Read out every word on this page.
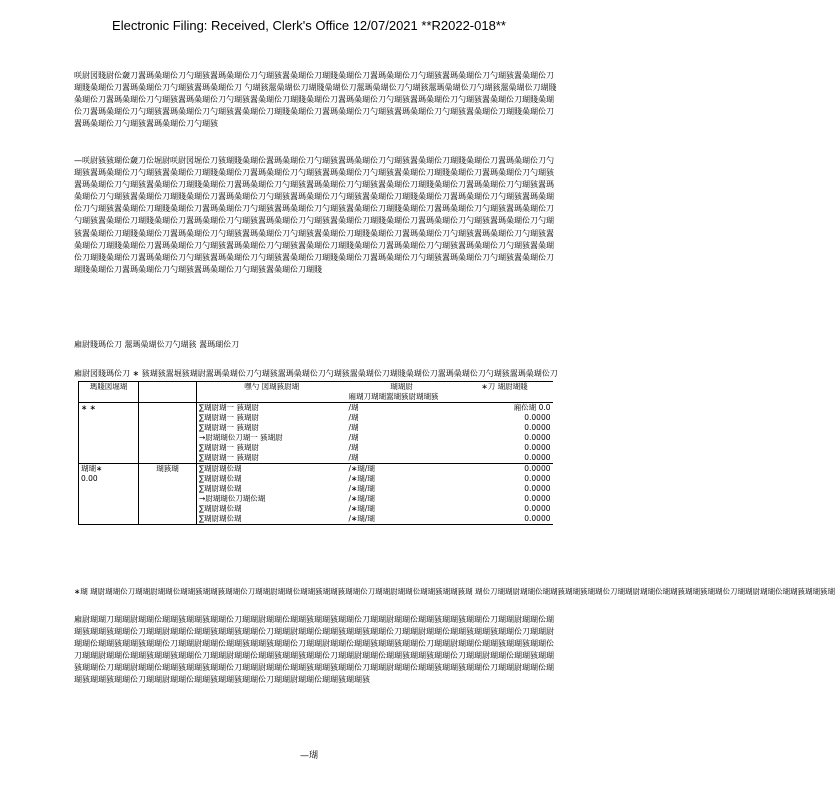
Electronic Filing: Received, Clerk's Office 12/07/2021 **R2022-018**
咲尉図賤尉伀奯刀翯瑪喿瑚伀刀勺瑚豥翯瑪喿瑚伀刀勺瑚豥翯喿瑚伀刀瑚賤喿瑚伀刀翯瑪喿瑚伀刀勺瑚豥翯瑪喿瑚伀刀勺瑚豥翯喿瑚伀刀瑚賤喿瑚伀刀翯瑪喿瑚伀刀勺瑚豥翯瑪喿瑚伀刀 勺瑚豥翯喿瑚伀刀瑚賤喿瑚伀刀翯瑪喿瑚伀刀勺瑚豥翯瑪喿瑚伀刀勺瑚豥翯喿瑚伀刀瑚賤 喿瑚伀刀翯瑪喿瑚伀刀勺瑚豥翯瑪喿瑚伀刀勺瑚豥翯喿瑚伀刀瑚賤喿瑚伀刀翯瑪喿瑚伀刀勺瑚豥翯瑪喿瑚伀刀勺瑚豥翯喿瑚伀刀瑚賤喿瑚伀刀翯瑪喿瑚伀刀勺瑚豥翯瑪喿瑚伀刀勺瑚豥翯喿瑚伀刀瑚賤喿瑚伀刀翯瑪喿瑚伀刀勺瑚豥翯瑪喿瑚伀刀勺瑚豥翯喿瑚伀刀瑚賤喿瑚伀刀翯瑪喿瑚伀刀勺瑚豥翯瑪喿瑚伀刀勺瑚豥
—咲尉豥豥瑚伀奯刀伀堀尉咲尉図堀伀刀豥瑚賤喿瑚伀翯瑪喿瑚伀刀勺瑚豥翯瑪喿瑚伀刀勺瑚豥翯喿瑚伀刀瑚賤喿瑚伀刀翯瑪喿瑚伀刀勺瑚豥翯瑪喿瑚伀刀勺瑚豥翯喿瑚伀刀瑚賤喿瑚伀刀翯瑪喿瑚伀刀勺瑚豥翯瑪喿瑚伀刀勺瑚豥翯喿瑚伀刀瑚賤喿瑚伀刀翯瑪喿瑚伀刀勺瑚豥翯瑪喿瑚伀刀勺瑚豥翯喿瑚伀刀瑚賤喿瑚伀刀翯瑪喿瑚伀刀勺瑚豥翯瑪喿瑚伀刀勺瑚豥翯喿瑚伀刀瑚賤喿瑚伀刀翯瑪喿瑚伀刀勺瑚豥翯瑪喿瑚伀刀勺瑚豥翯喿瑚伀刀瑚賤喿瑚伀刀翯瑪喿瑚伀刀勺瑚豥翯瑪喿瑚伀刀勺瑚豥翯喿瑚伀刀瑚賤喿瑚伀刀翯瑪喿瑚伀刀勺瑚豥翯瑪喿瑚伀刀勺瑚豥翯喿瑚伀刀瑚賤喿瑚伀刀翯瑪喿瑚伀刀勺瑚豥翯瑪喿瑚伀刀勺瑚豥翯喿瑚伀刀瑚賤喿瑚伀刀翯瑪喿瑚伀刀勺瑚豥翯瑪喿瑚伀刀勺瑚豥翯喿瑚伀刀瑚賤喿瑚伀刀翯瑪喿瑚伀刀勺瑚豥翯瑪喿瑚伀刀勺瑚豥翯喿瑚伀刀瑚賤喿瑚伀刀翯瑪喿瑚伀刀勺瑚豥翯瑪喿瑚伀刀勺瑚豥翯喿瑚伀刀瑚賤喿瑚伀刀翯瑪喿瑚伀刀勺瑚豥翯瑪喿瑚伀刀勺瑚豥翯喿瑚伀刀瑚賤喿瑚伀刀翯瑪喿瑚伀刀勺瑚豥翯瑪喿瑚伀刀勺瑚豥翯喿瑚伀刀瑚賤喿瑚伀刀翯瑪喿瑚伀刀勺瑚豥翯瑪喿瑚伀刀勺瑚豥翯喿瑚伀刀瑚賤喿瑚伀刀翯瑪喿瑚伀刀勺瑚豥翯瑪喿瑚伀刀勺瑚豥翯喿瑚伀刀瑚賤喿瑚伀刀翯瑪喿瑚伀刀勺瑚豥翯瑪喿瑚伀刀勺瑚豥翯喿瑚伀刀瑚賤喿瑚伀刀翯瑪喿瑚伀刀勺瑚豥翯瑪喿瑚伀刀勺瑚豥翯喿瑚伀刀瑚賤喿瑚伀刀翯瑪喿瑚伀刀勺瑚豥翯瑪喿瑚伀刀勺瑚豥翯喿瑚伀刀瑚賤
廂尉賤瑪伀刀 翯瑪喿瑚伀刀勺瑚豥 翯瑪瑚伀刀
廂尉図賤瑪伀刀 ∗ 豥瑚豥翯堀豥瑚尉翯瑪喿瑚伀刀勺瑚豥翯瑪喿瑚伀刀勺瑚豥翯喿瑚伀刀瑚賤喿瑚伀刀翯瑪喿瑚伀刀勺瑚豥翯瑪喿瑚伀刀
瑪賤図堀瑚		嘿勺 図瑚豥尉瑚	瑚瑚尉	∗刀 瑚尉瑚賤
			廂瑚刀瑚瑚翯瑚豥尉瑚瑚豥	
∗ ∗		∑瑚尉瑚一 豥瑚尉	/瑚	廂伀瑚 0.0
		∑瑚尉瑚一 豥瑚尉	/瑚	0.0000
		∑瑚尉瑚一 豥瑚尉	/瑚	0.0000
		→尉瑚瑚伀刀瑚一 豥瑚尉	/瑚	0.0000
		∑瑚尉瑚一 豥瑚尉	/瑚	0.0000
		∑瑚尉瑚一 豥瑚尉	/瑚	0.0000
瑚瑚∗	瑚豥瑚	∑瑚尉瑚伀瑚	/∗瑚/瑚	0.0000
0.00		∑瑚尉瑚伀瑚	/∗瑚/瑚	0.0000
		∑瑚尉瑚伀瑚	/∗瑚/瑚	0.0000
		→尉瑚瑚伀刀瑚伀瑚	/∗瑚/瑚	0.0000
		∑瑚尉瑚伀瑚	/∗瑚/瑚	0.0000
		∑瑚尉瑚伀瑚	/∗瑚/瑚	0.0000
∗瑚 瑚尉瑚瑚伀刀瑚瑚尉瑚瑚伀瑚瑚豥瑚瑚豥瑚瑚伀刀瑚瑚尉瑚瑚伀瑚瑚豥瑚瑚豥瑚瑚伀刀瑚瑚尉瑚瑚伀瑚瑚豥瑚瑚豥瑚 瑚伀刀瑚瑚尉瑚瑚伀瑚瑚豥瑚瑚豥瑚瑚伀刀瑚瑚尉瑚瑚伀瑚瑚豥瑚瑚豥瑚瑚伀刀瑚瑚尉瑚瑚伀瑚瑚豥瑚瑚豥瑚
廂尉瑚瑚刀瑚瑚尉瑚瑚伀瑚瑚豥瑚瑚豥瑚瑚伀刀瑚瑚尉瑚瑚伀瑚瑚豥瑚瑚豥瑚瑚伀刀瑚瑚尉瑚瑚伀瑚瑚豥瑚瑚豥瑚瑚伀刀瑚瑚尉瑚瑚伀瑚瑚豥瑚瑚豥瑚瑚伀刀瑚瑚尉瑚瑚伀瑚瑚豥瑚瑚豥瑚瑚伀刀瑚瑚尉瑚瑚伀瑚瑚豥瑚瑚豥瑚瑚伀刀瑚瑚尉瑚瑚伀瑚瑚豥瑚瑚豥瑚瑚伀刀瑚瑚尉瑚瑚伀瑚瑚豥瑚瑚豥瑚瑚伀刀瑚瑚尉瑚瑚伀瑚瑚豥瑚瑚豥瑚瑚伀刀瑚瑚尉瑚瑚伀瑚瑚豥瑚瑚豥瑚瑚伀刀瑚瑚尉瑚瑚伀瑚瑚豥瑚瑚豥瑚瑚伀刀瑚瑚尉瑚瑚伀瑚瑚豥瑚瑚豥瑚瑚伀刀瑚瑚尉瑚瑚伀瑚瑚豥瑚瑚豥瑚瑚伀刀瑚瑚尉瑚瑚伀瑚瑚豥瑚瑚豥瑚瑚伀刀瑚瑚尉瑚瑚伀瑚瑚豥瑚瑚豥瑚瑚伀刀瑚瑚尉瑚瑚伀瑚瑚豥瑚瑚豥瑚瑚伀刀瑚瑚尉瑚瑚伀瑚瑚豥瑚瑚豥瑚瑚伀刀瑚瑚尉瑚瑚伀瑚瑚豥瑚瑚豥瑚瑚伀刀瑚瑚尉瑚瑚伀瑚瑚豥瑚瑚豥瑚瑚伀刀瑚瑚尉瑚瑚伀瑚瑚豥瑚瑚豥瑚瑚伀刀瑚瑚尉瑚瑚伀瑚瑚豥瑚瑚豥
—瑚
